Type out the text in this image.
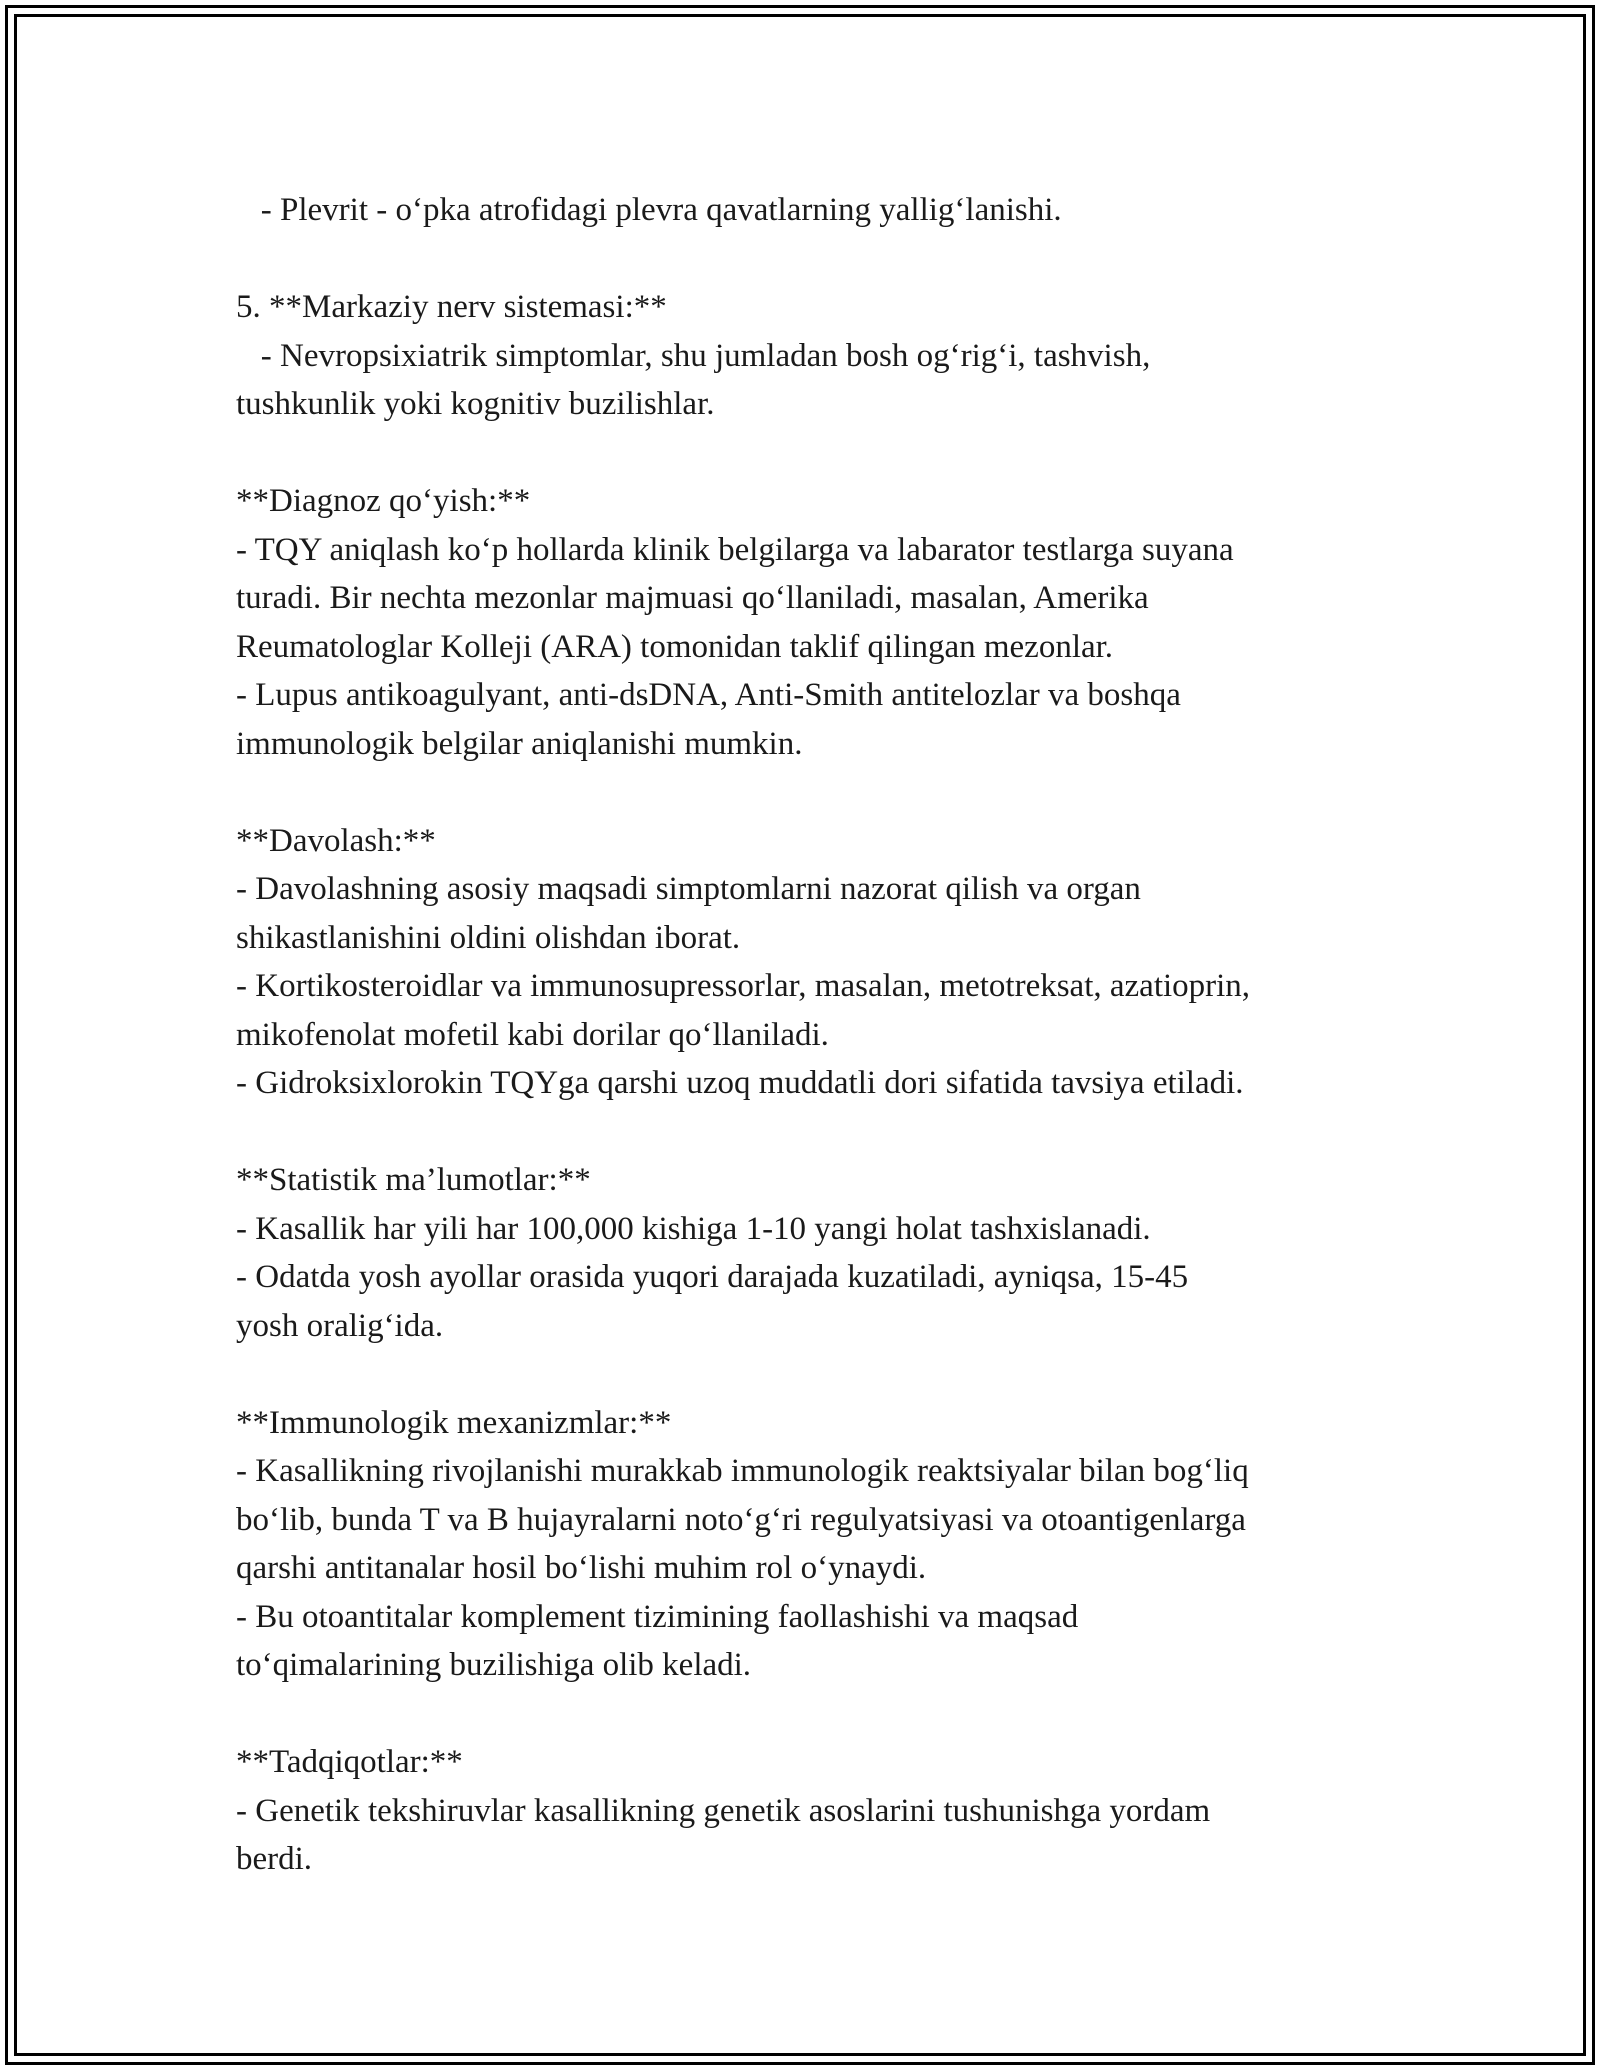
- Plevrit - o‘pka atrofidagi plevra qavatlarning yallig‘lanishi.
5. **Markaziy nerv sistemasi:**
- Nevropsixiatrik simptomlar, shu jumladan bosh og‘rig‘i, tashvish,
tushkunlik yoki kognitiv buzilishlar.
**Diagnoz qo‘yish:**
- TQY aniqlash ko‘p hollarda klinik belgilarga va labarator testlarga suyana
turadi. Bir nechta mezonlar majmuasi qo‘llaniladi, masalan, Amerika
Reumatologlar Kolleji (ARA) tomonidan taklif qilingan mezonlar.
- Lupus antikoagulyant, anti-dsDNA, Anti-Smith antitelozlar va boshqa
immunologik belgilar aniqlanishi mumkin.
**Davolash:**
- Davolashning asosiy maqsadi simptomlarni nazorat qilish va organ
shikastlanishini oldini olishdan iborat.
- Kortikosteroidlar va immunosupressorlar, masalan, metotreksat, azatioprin,
mikofenolat mofetil kabi dorilar qo‘llaniladi.
- Gidroksixlorokin TQYga qarshi uzoq muddatli dori sifatida tavsiya etiladi.
**Statistik ma’lumotlar:**
- Kasallik har yili har 100,000 kishiga 1-10 yangi holat tashxislanadi.
- Odatda yosh ayollar orasida yuqori darajada kuzatiladi, ayniqsa, 15-45
yosh oralig‘ida.
**Immunologik mexanizmlar:**
- Kasallikning rivojlanishi murakkab immunologik reaktsiyalar bilan bog‘liq
bo‘lib, bunda T va B hujayralarni noto‘g‘ri regulyatsiyasi va otoantigenlarga
qarshi antitanalar hosil bo‘lishi muhim rol o‘ynaydi.
- Bu otoantitalar komplement tizimining faollashishi va maqsad
to‘qimalarining buzilishiga olib keladi.
**Tadqiqotlar:**
- Genetik tekshiruvlar kasallikning genetik asoslarini tushunishga yordam
berdi.
